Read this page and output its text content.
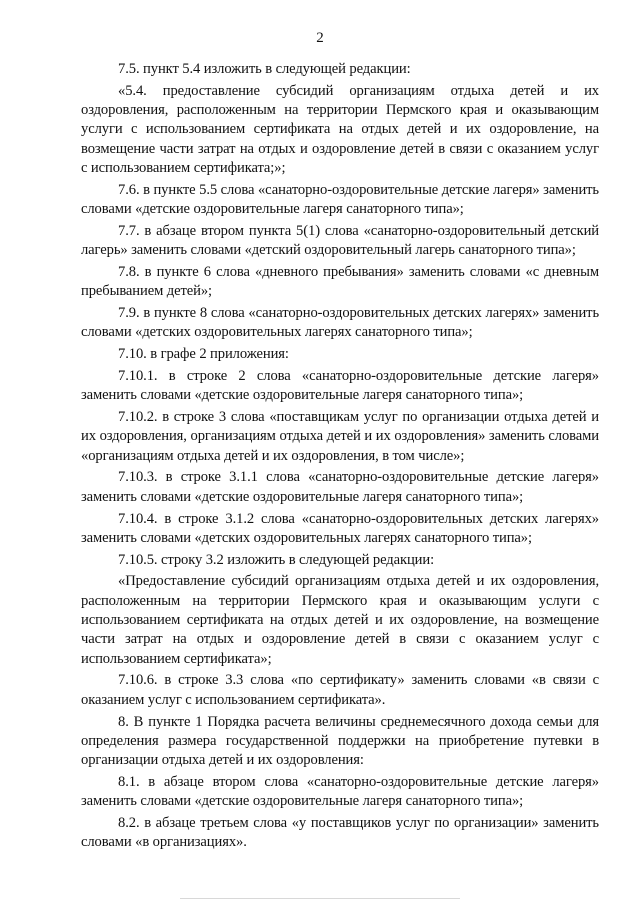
2

7.5. пункт 5.4 изложить в следующей редакции:

«5.4. предоставление субсидий организациям отдыха детей и их оздоровления, расположенным на территории Пермского края и оказывающим услуги с использованием сертификата на отдых детей и их оздоровление, на возмещение части затрат на отдых и оздоровление детей в связи с оказанием услуг с использованием сертификата;»;

7.6. в пункте 5.5 слова «санаторно-оздоровительные детские лагеря» заменить словами «детские оздоровительные лагеря санаторного типа»;

7.7. в абзаце втором пункта 5(1) слова «санаторно-оздоровительный детский лагерь» заменить словами «детский оздоровительный лагерь санаторного типа»;

7.8. в пункте 6 слова «дневного пребывания» заменить словами «с дневным пребыванием детей»;

7.9. в пункте 8 слова «санаторно-оздоровительных детских лагерях» заменить словами «детских оздоровительных лагерях санаторного типа»;

7.10. в графе 2 приложения:

7.10.1. в строке 2 слова «санаторно-оздоровительные детские лагеря» заменить словами «детские оздоровительные лагеря санаторного типа»;

7.10.2. в строке 3 слова «поставщикам услуг по организации отдыха детей и их оздоровления, организациям отдыха детей и их оздоровления» заменить словами «организациям отдыха детей и их оздоровления, в том числе»;

7.10.3. в строке 3.1.1 слова «санаторно-оздоровительные детские лагеря» заменить словами «детские оздоровительные лагеря санаторного типа»;

7.10.4. в строке 3.1.2 слова «санаторно-оздоровительных детских лагерях» заменить словами «детских оздоровительных лагерях санаторного типа»;

7.10.5. строку 3.2 изложить в следующей редакции:

«Предоставление субсидий организациям отдыха детей и их оздоровления, расположенным на территории Пермского края и оказывающим услуги с использованием сертификата на отдых детей и их оздоровление, на возмещение части затрат на отдых и оздоровление детей в связи с оказанием услуг с использованием сертификата»;

7.10.6. в строке 3.3 слова «по сертификату» заменить словами «в связи с оказанием услуг с использованием сертификата».

8. В пункте 1 Порядка расчета величины среднемесячного дохода семьи для определения размера государственной поддержки на приобретение путевки в организации отдыха детей и их оздоровления:

8.1. в абзаце втором слова «санаторно-оздоровительные детские лагеря» заменить словами «детские оздоровительные лагеря санаторного типа»;

8.2. в абзаце третьем слова «у поставщиков услуг по организации» заменить словами «в организациях».
